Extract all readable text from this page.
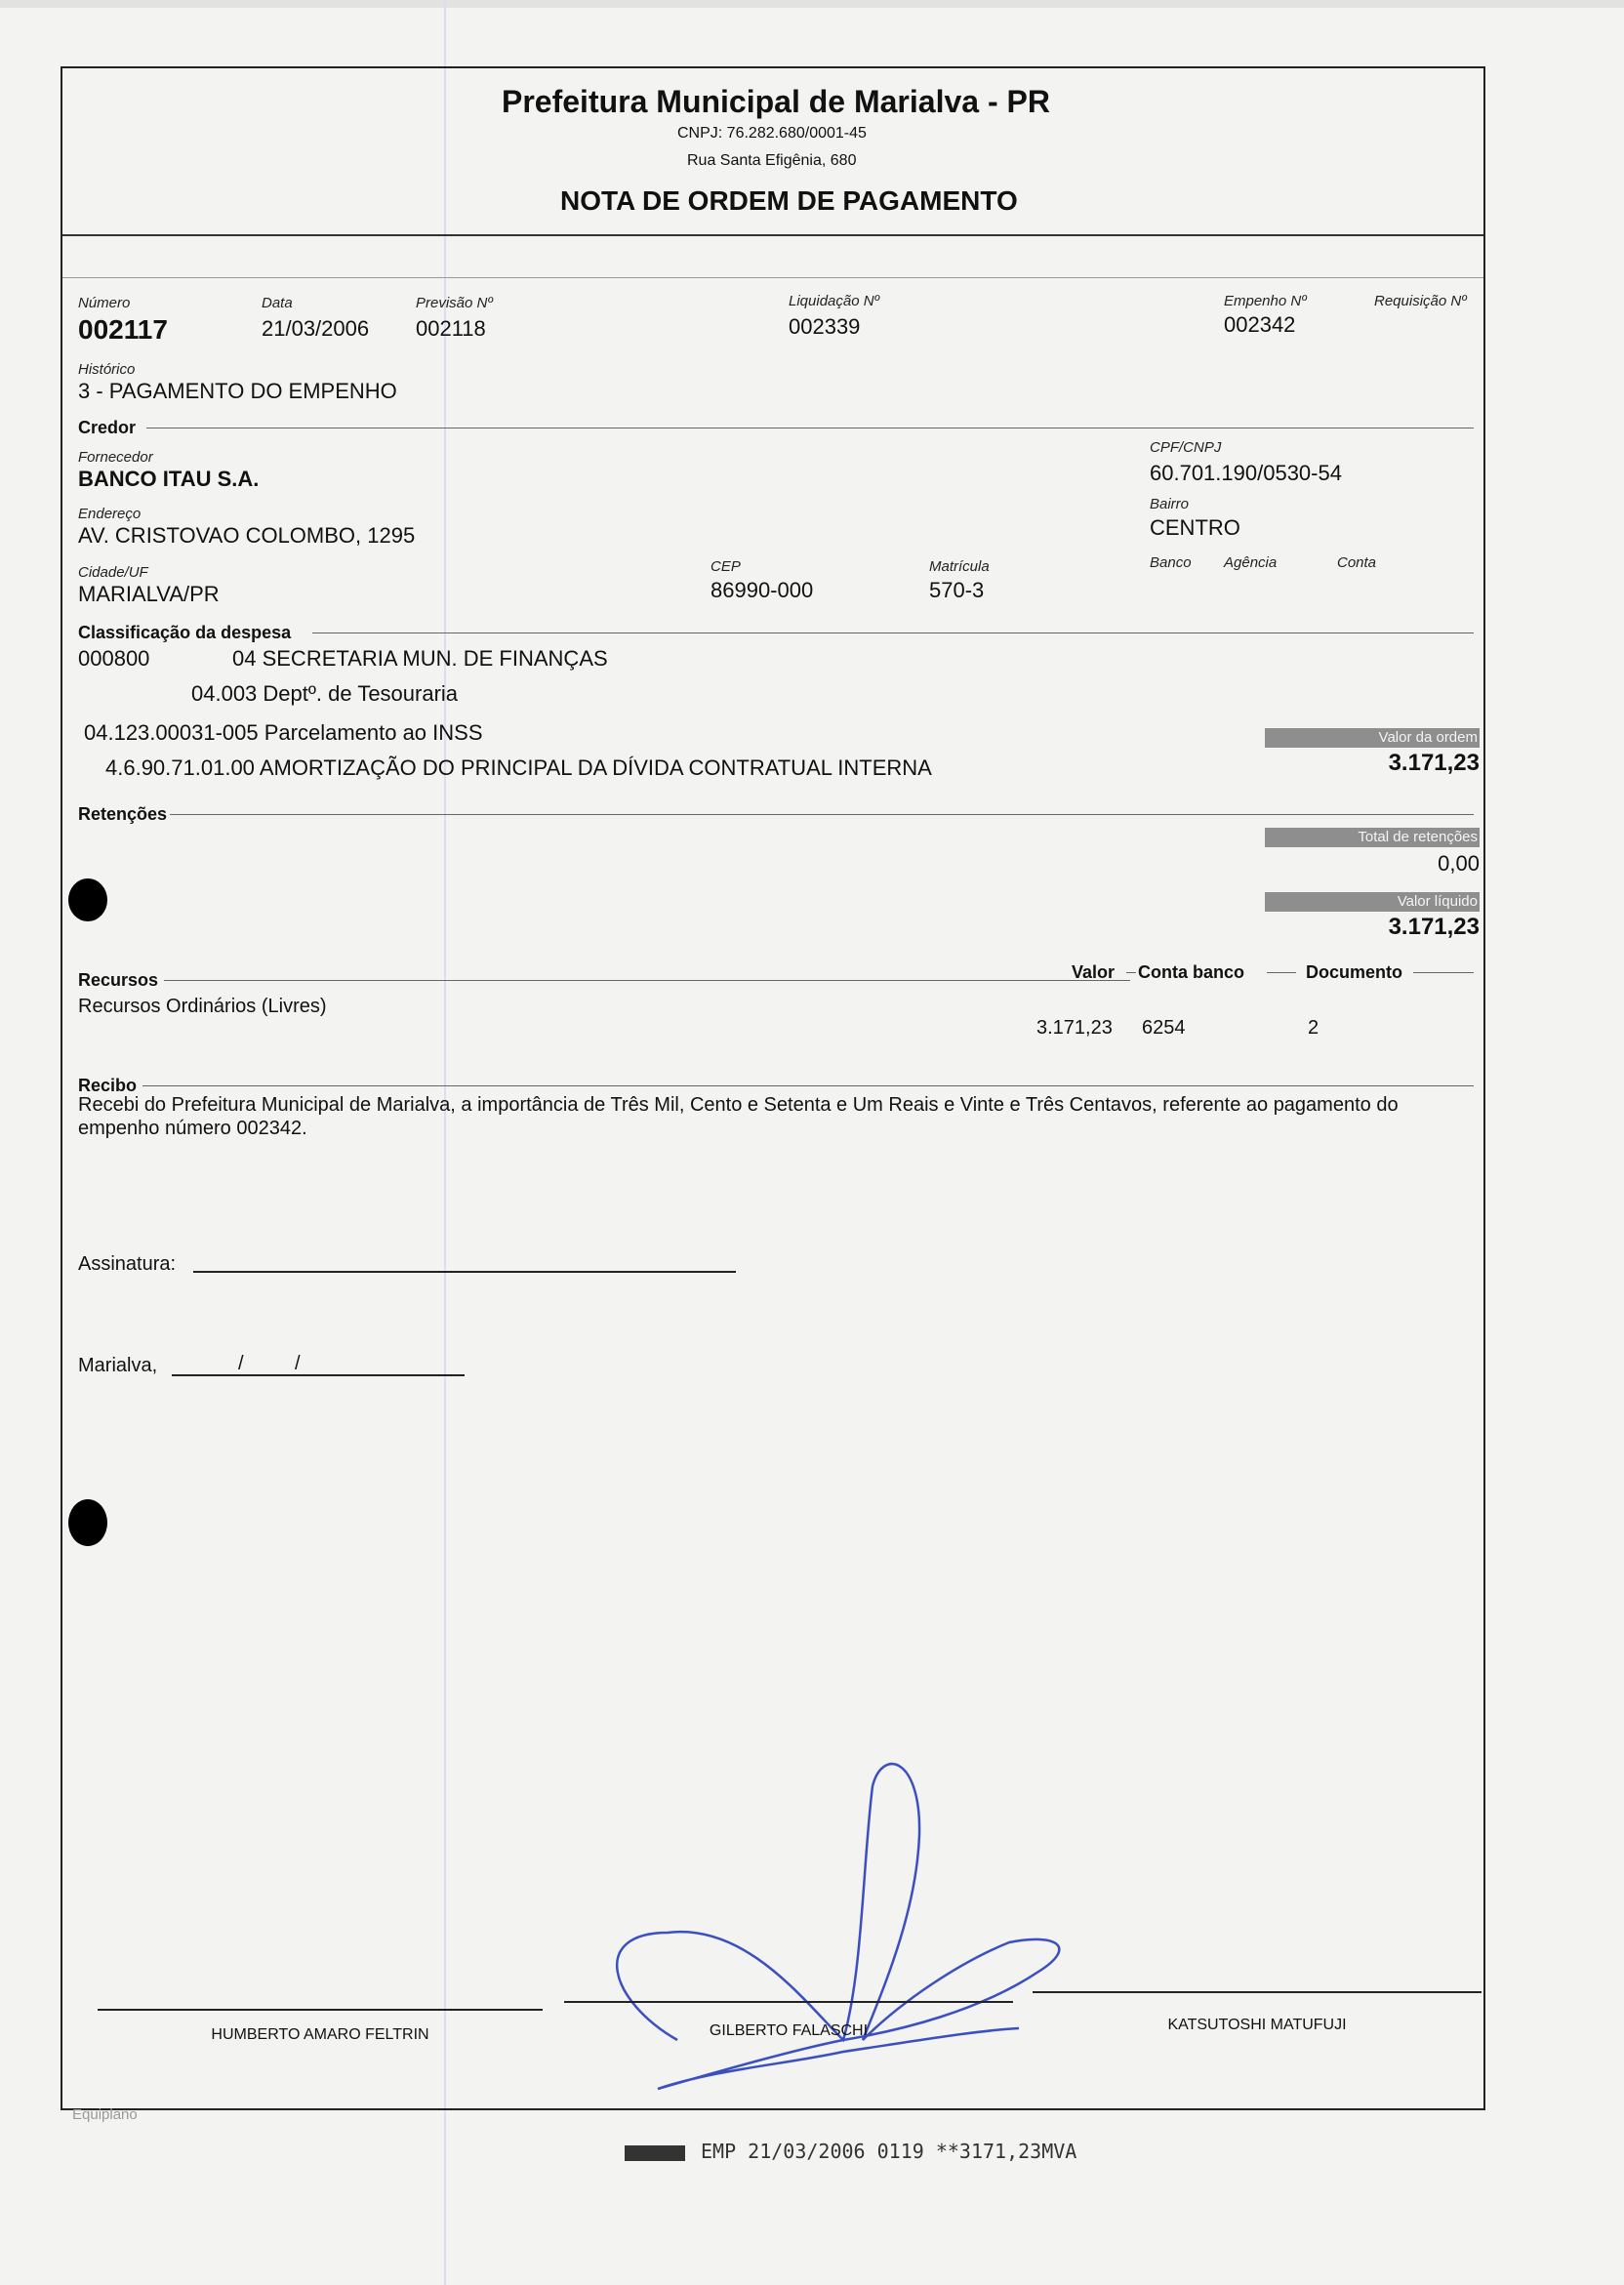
Prefeitura Municipal de Marialva - PR
CNPJ: 76.282.680/0001-45
Rua Santa Efigênia, 680
NOTA DE ORDEM DE PAGAMENTO
Número
002117
Data
21/03/2006
Previsão Nº
002118
Liquidação Nº
002339
Empenho Nº
002342
Requisição Nº
Histórico
3 - PAGAMENTO DO EMPENHO
Credor
Fornecedor
BANCO ITAU S.A.
CPF/CNPJ
60.701.190/0530-54
Endereço
AV. CRISTOVAO COLOMBO, 1295
Bairro
CENTRO
Cidade/UF
MARIALVA/PR
CEP
86990-000
Matrícula
570-3
Banco Agência	Conta
Classificação da despesa
000800	04 SECRETARIA MUN. DE FINANÇAS
04.003 Deptº. de Tesouraria
04.123.00031-005 Parcelamento ao INSS
4.6.90.71.01.00 AMORTIZAÇÃO DO PRINCIPAL DA DÍVIDA CONTRATUAL INTERNA
Valor da ordem
3.171,23
Retenções
Total de retenções
0,00
Valor líquido
3.171,23
Recursos	Valor Conta banco	Documento
Recursos Ordinários (Livres)
3.171,23 6254	2
Recibo
Recebi do Prefeitura Municipal de Marialva, a importância de Três Mil, Cento e Setenta e Um Reais e Vinte e Três Centavos, referente ao pagamento do empenho número 002342.
Assinatura:
Marialva,	/	/
HUMBERTO AMARO FELTRIN	GILBERTO FALASCHI	KATSUTOSHI MATUFUJI
Equiplano
EMP 21/03/2006 0119 **3171,23MVA
